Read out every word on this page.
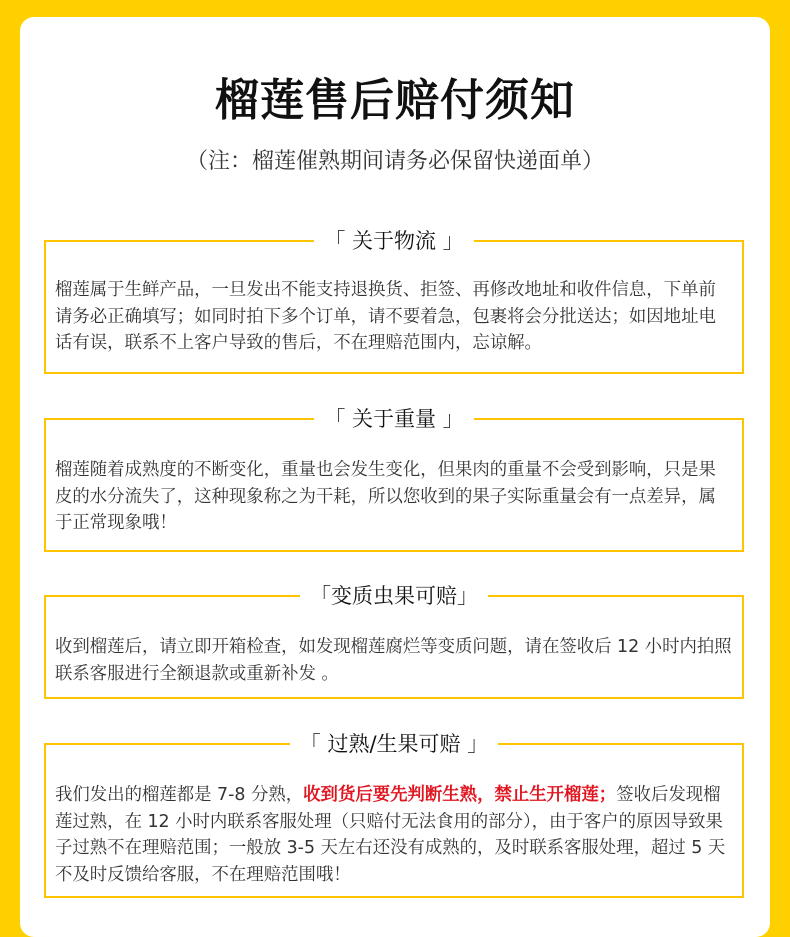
榴莲售后赔付须知
（注：榴莲催熟期间请务必保留快递面单）
「 关于物流 」
榴莲属于生鲜产品，一旦发出不能支持退换货、拒签、再修改地址和收件信息，下单前请务必正确填写；如同时拍下多个订单，请不要着急，包裹将会分批送达；如因地址电话有误，联系不上客户导致的售后，不在理赔范围内，忘谅解。
「 关于重量 」
榴莲随着成熟度的不断变化，重量也会发生变化，但果肉的重量不会受到影响，只是果皮的水分流失了，这种现象称之为干耗，所以您收到的果子实际重量会有一点差异，属于正常现象哦！
「变质虫果可赔」
收到榴莲后，请立即开箱检查，如发现榴莲腐烂等变质问题，请在签收后 12 小时内拍照联系客服进行全额退款或重新补发 。
「 过熟/生果可赔 」
我们发出的榴莲都是 7-8 分熟，收到货后要先判断生熟，禁止生开榴莲；签收后发现榴莲过熟，在 12 小时内联系客服处理（只赔付无法食用的部分），由于客户的原因导致果子过熟不在理赔范围；一般放 3-5 天左右还没有成熟的，及时联系客服处理，超过 5 天不及时反馈给客服，不在理赔范围哦！
